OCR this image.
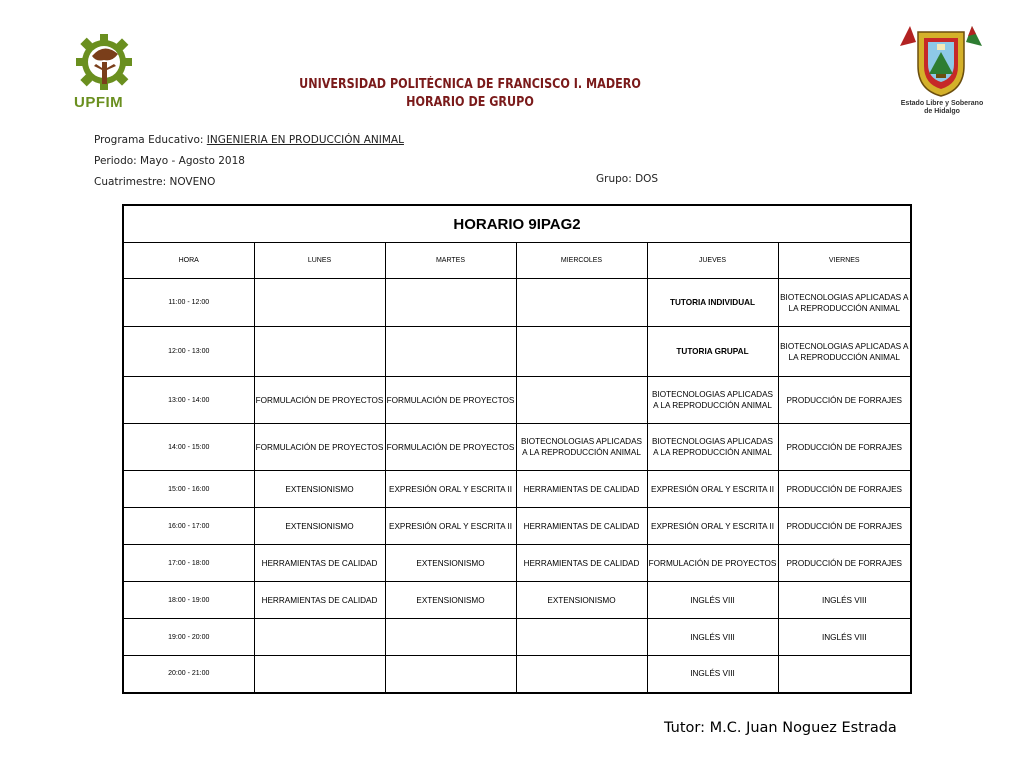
UPFIM	Estado Libre y Soberano
de Hidalgo
UNIVERSIDAD POLITÉCNICA DE FRANCISCO I. MADERO
HORARIO DE GRUPO
Programa Educativo: INGENIERIA EN PRODUCCIÓN ANIMAL
Periodo: Mayo - Agosto 2018
Cuatrimestre: NOVENO	Grupo: DOS
HORARIO 9IPAG2					
HORA	LUNES	MARTES	MIERCOLES	JUEVES	VIERNES
11:00 - 12:00				TUTORIA INDIVIDUAL	BIOTECNOLOGIAS APLICADAS A LA REPRODUCCIÓN ANIMAL
12:00 - 13:00				TUTORIA GRUPAL	BIOTECNOLOGIAS APLICADAS A LA REPRODUCCIÓN ANIMAL
13:00 - 14:00	FORMULACIÓN DE PROYECTOS	FORMULACIÓN DE PROYECTOS		BIOTECNOLOGIAS APLICADAS A LA REPRODUCCIÓN ANIMAL	PRODUCCIÓN DE FORRAJES
14:00 - 15:00	FORMULACIÓN DE PROYECTOS	FORMULACIÓN DE PROYECTOS	BIOTECNOLOGIAS APLICADAS A LA REPRODUCCIÓN ANIMAL	BIOTECNOLOGIAS APLICADAS A LA REPRODUCCIÓN ANIMAL	PRODUCCIÓN DE FORRAJES
15:00 - 16:00	EXTENSIONISMO	EXPRESIÓN ORAL Y ESCRITA II	HERRAMIENTAS DE CALIDAD	EXPRESIÓN ORAL Y ESCRITA II	PRODUCCIÓN DE FORRAJES
16:00 - 17:00	EXTENSIONISMO	EXPRESIÓN ORAL Y ESCRITA II	HERRAMIENTAS DE CALIDAD	EXPRESIÓN ORAL Y ESCRITA II	PRODUCCIÓN DE FORRAJES
17:00 - 18:00	HERRAMIENTAS DE CALIDAD	EXTENSIONISMO	HERRAMIENTAS DE CALIDAD	FORMULACIÓN DE PROYECTOS	PRODUCCIÓN DE FORRAJES
18:00 - 19:00	HERRAMIENTAS DE CALIDAD	EXTENSIONISMO	EXTENSIONISMO	INGLÉS VIII	INGLÉS VIII
19:00 - 20:00				INGLÉS VIII	INGLÉS VIII
20:00 - 21:00				INGLÉS VIII	
Tutor: M.C. Juan Noguez Estrada
